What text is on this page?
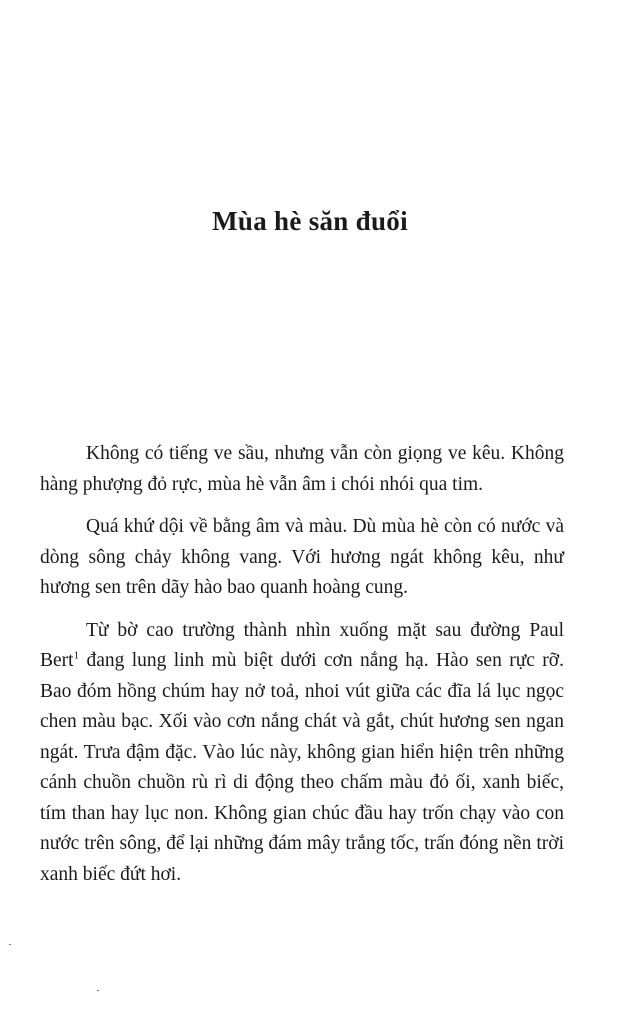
Mùa hè săn đuổi

Không có tiếng ve sầu, nhưng vẫn còn giọng ve kêu. Không hàng phượng đỏ rực, mùa hè vẫn âm i chói nhói qua tim.

Quá khứ dội về bằng âm và màu. Dù mùa hè còn có nước và dòng sông chảy không vang. Với hương ngát không kêu, như hương sen trên dãy hào bao quanh hoàng cung.

Từ bờ cao trường thành nhìn xuống mặt sau đường Paul Bert$^1$ đang lung linh mù biệt dưới cơn nắng hạ. Hào sen rực rỡ. Bao đóm hồng chúm hay nở toả, nhoi vút giữa các đĩa lá lục ngọc chen màu bạc. Xối vào cơn nắng chát và gắt, chút hương sen ngan ngát. Trưa đậm đặc. Vào lúc này, không gian hiển hiện trên những cánh chuồn chuồn rù rì di động theo chấm màu đỏ ối, xanh biếc, tím than hay lục non. Không gian chúc đầu hay trốn chạy vào con nước trên sông, để lại những đám mây trắng tốc, trấn đóng nền trời xanh biếc đứt hơi.
